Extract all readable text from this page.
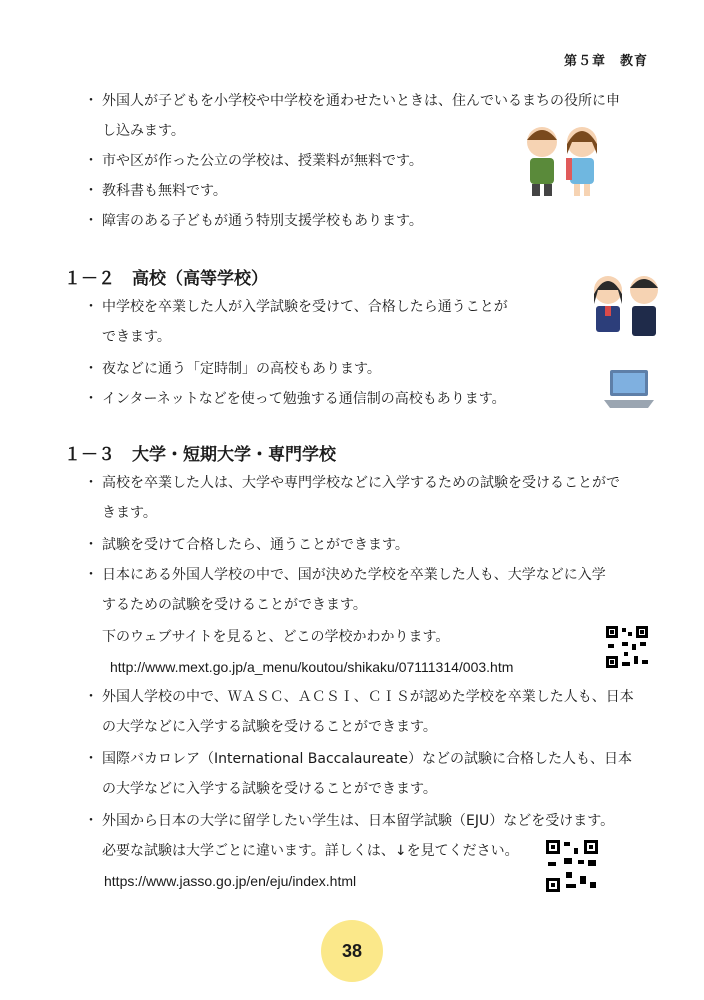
第５章　教育
・ 外国人が子どもを小学校や中学校を通わせたいときは、住んでいるまちの役所に申
し込みます。
・ 市や区が作った公立の学校は、授業料が無料です。
・ 教科書も無料です。
・ 障害のある子どもが通う特別支援学校もあります。
１－２　高校（高等学校）
・ 中学校を卒業した人が入学試験を受けて、合格したら通うことが
できます。
・ 夜などに通う「定時制」の高校もあります。
・ インターネットなどを使って勉強する通信制の高校もあります。
１－３　大学・短期大学・専門学校
・ 高校を卒業した人は、大学や専門学校などに入学するための試験を受けることがで
きます。
・ 試験を受けて合格したら、通うことができます。
・ 日本にある外国人学校の中で、国が決めた学校を卒業した人も、大学などに入学
するための試験を受けることができます。
下のウェブサイトを見ると、どこの学校かわかります。
http://www.mext.go.jp/a_menu/koutou/shikaku/07111314/003.htm
・ 外国人学校の中で、ＷＡＳＣ、ＡＣＳＩ、ＣＩＳが認めた学校を卒業した人も、日本
の大学などに入学する試験を受けることができます。
・ 国際バカロレア（International Baccalaureate）などの試験に合格した人も、日本
の大学などに入学する試験を受けることができます。
・ 外国から日本の大学に留学したい学生は、日本留学試験（EJU）などを受けます。
必要な試験は大学ごとに違います。詳しくは、↓を見てください。
https://www.jasso.go.jp/en/eju/index.html
38
